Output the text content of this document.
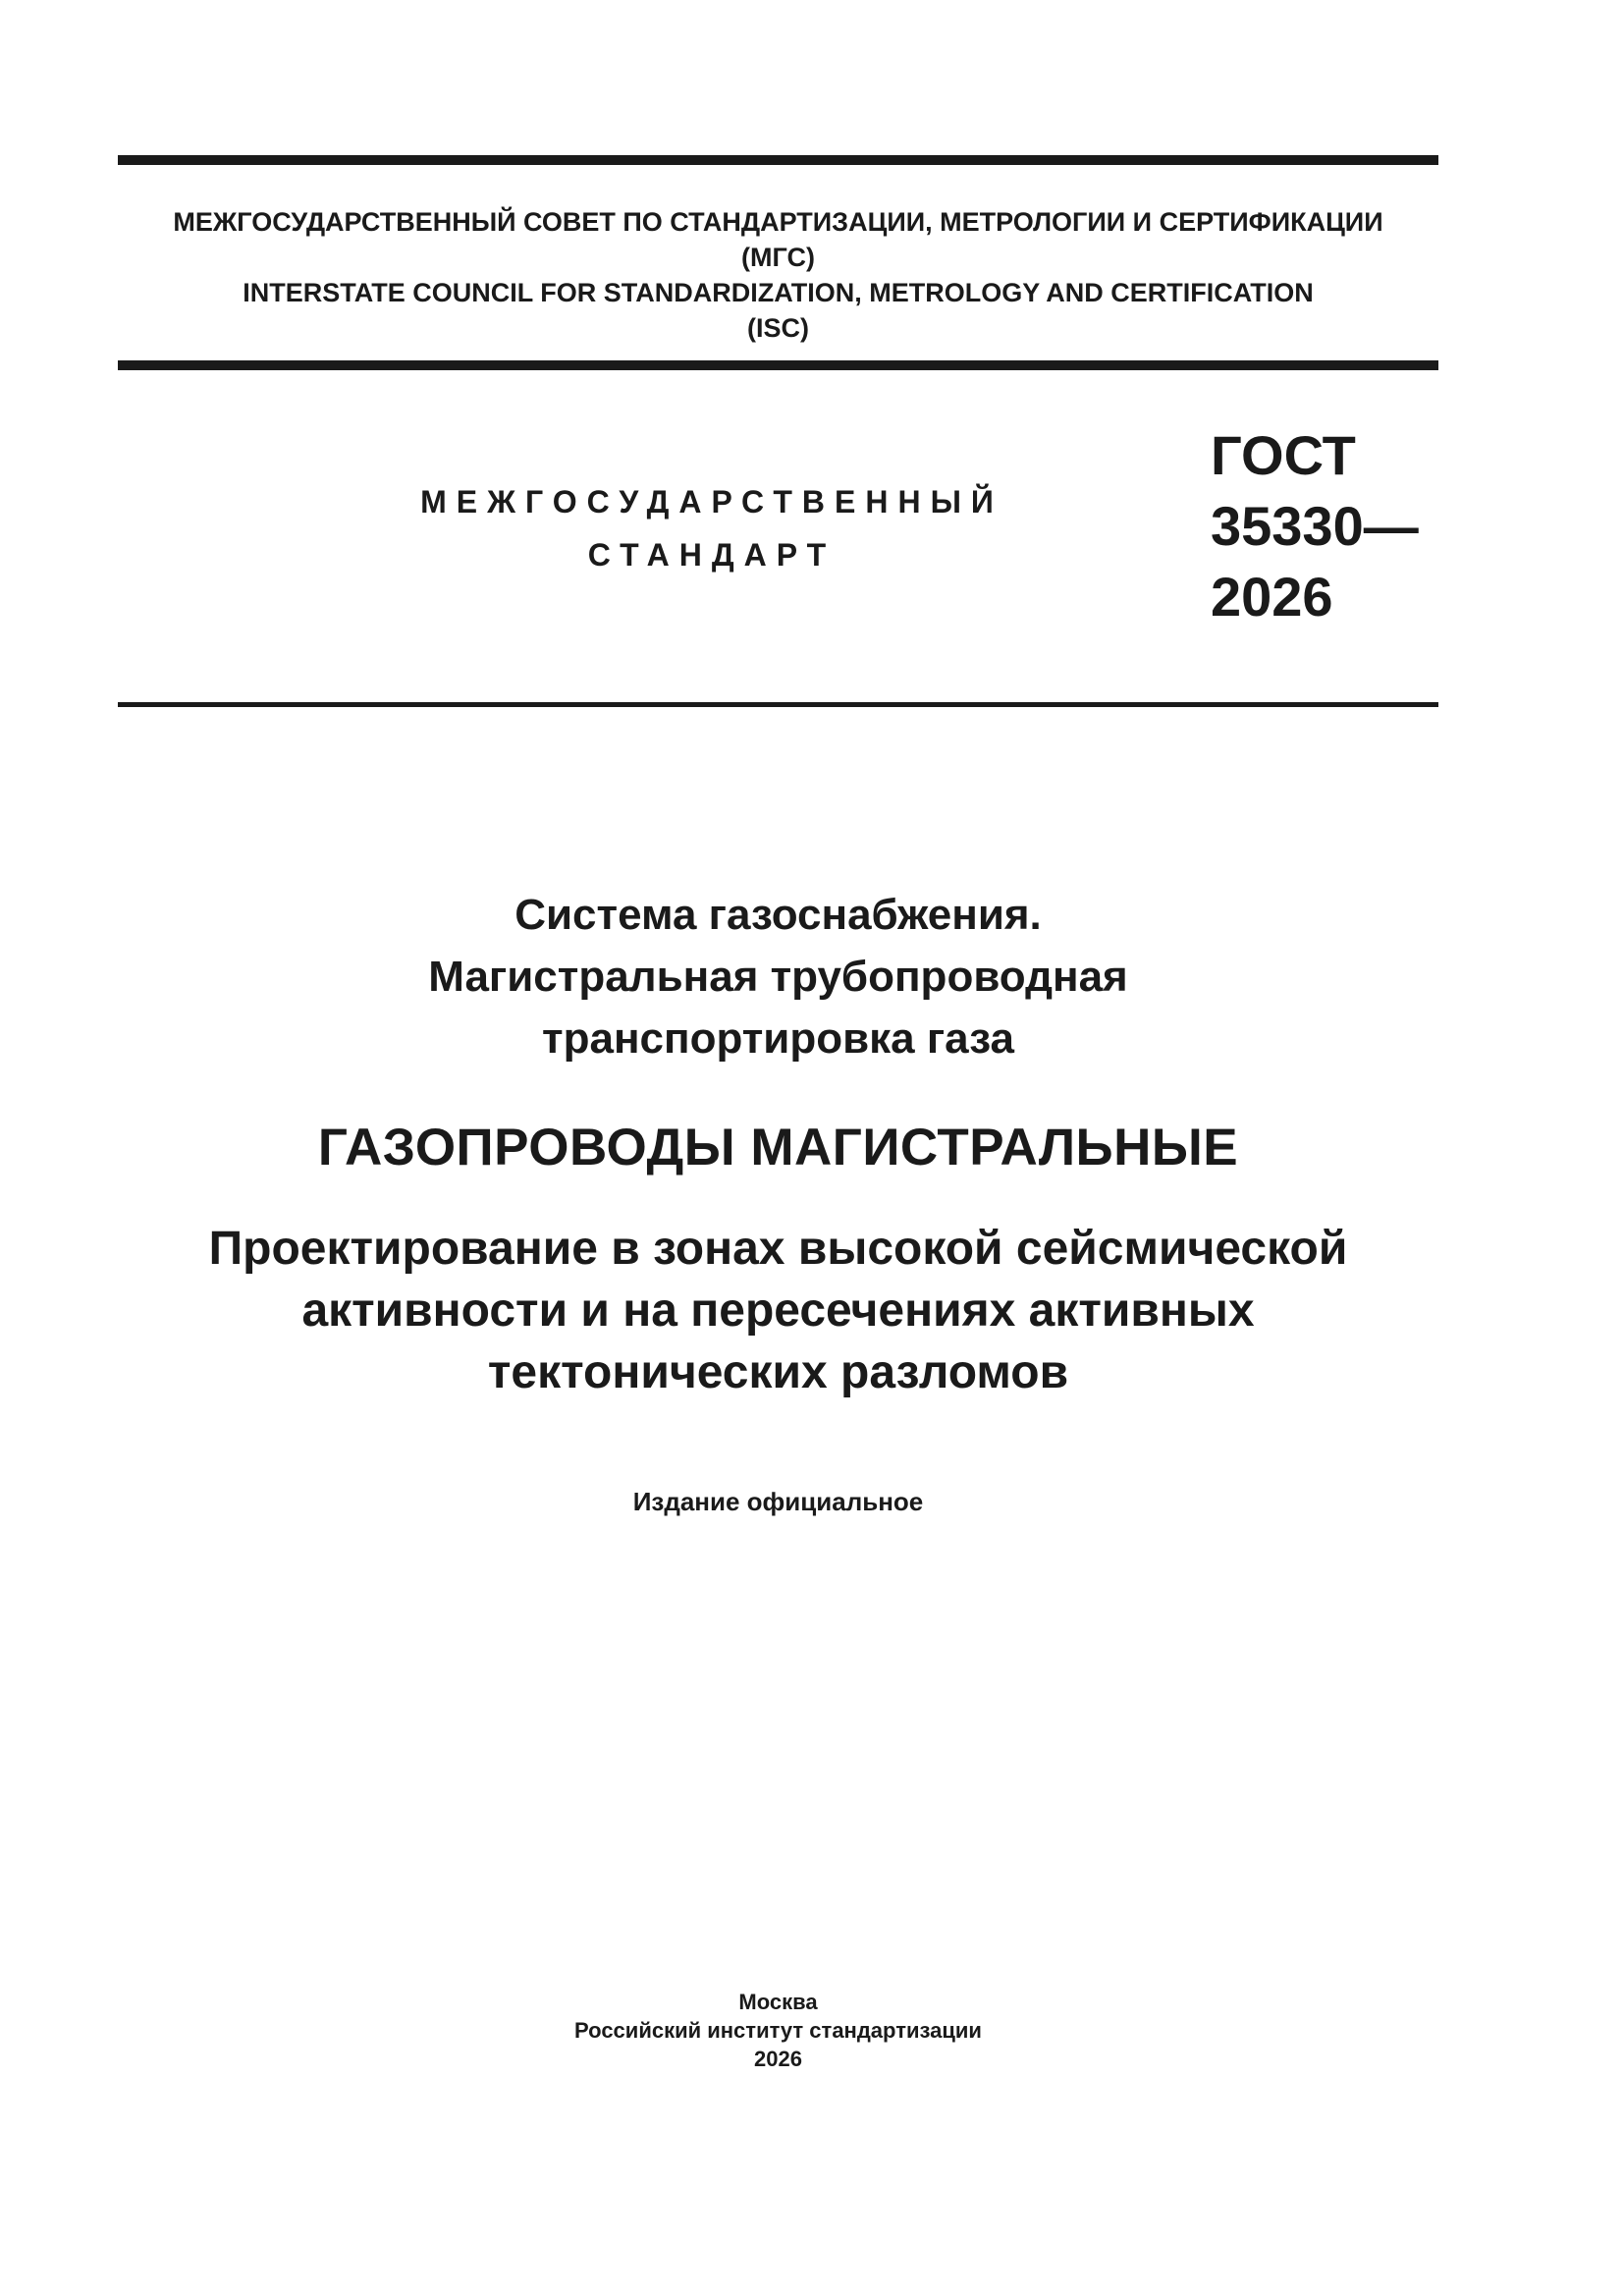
МЕЖГОСУДАРСТВЕННЫЙ СОВЕТ ПО СТАНДАРТИЗАЦИИ, МЕТРОЛОГИИ И СЕРТИФИКАЦИИ
(МГС)
INTERSTATE COUNCIL FOR STANDARDIZATION, METROLOGY AND CERTIFICATION
(ISC)
МЕЖГОСУДАРСТВЕННЫЙ
СТАНДАРТ
ГОСТ
35330—
2026
Система газоснабжения.
Магистральная трубопроводная
транспортировка газа
ГАЗОПРОВОДЫ МАГИСТРАЛЬНЫЕ
Проектирование в зонах высокой сейсмической
активности и на пересечениях активных
тектонических разломов
Издание официальное
Москва
Российский институт стандартизации
2026
